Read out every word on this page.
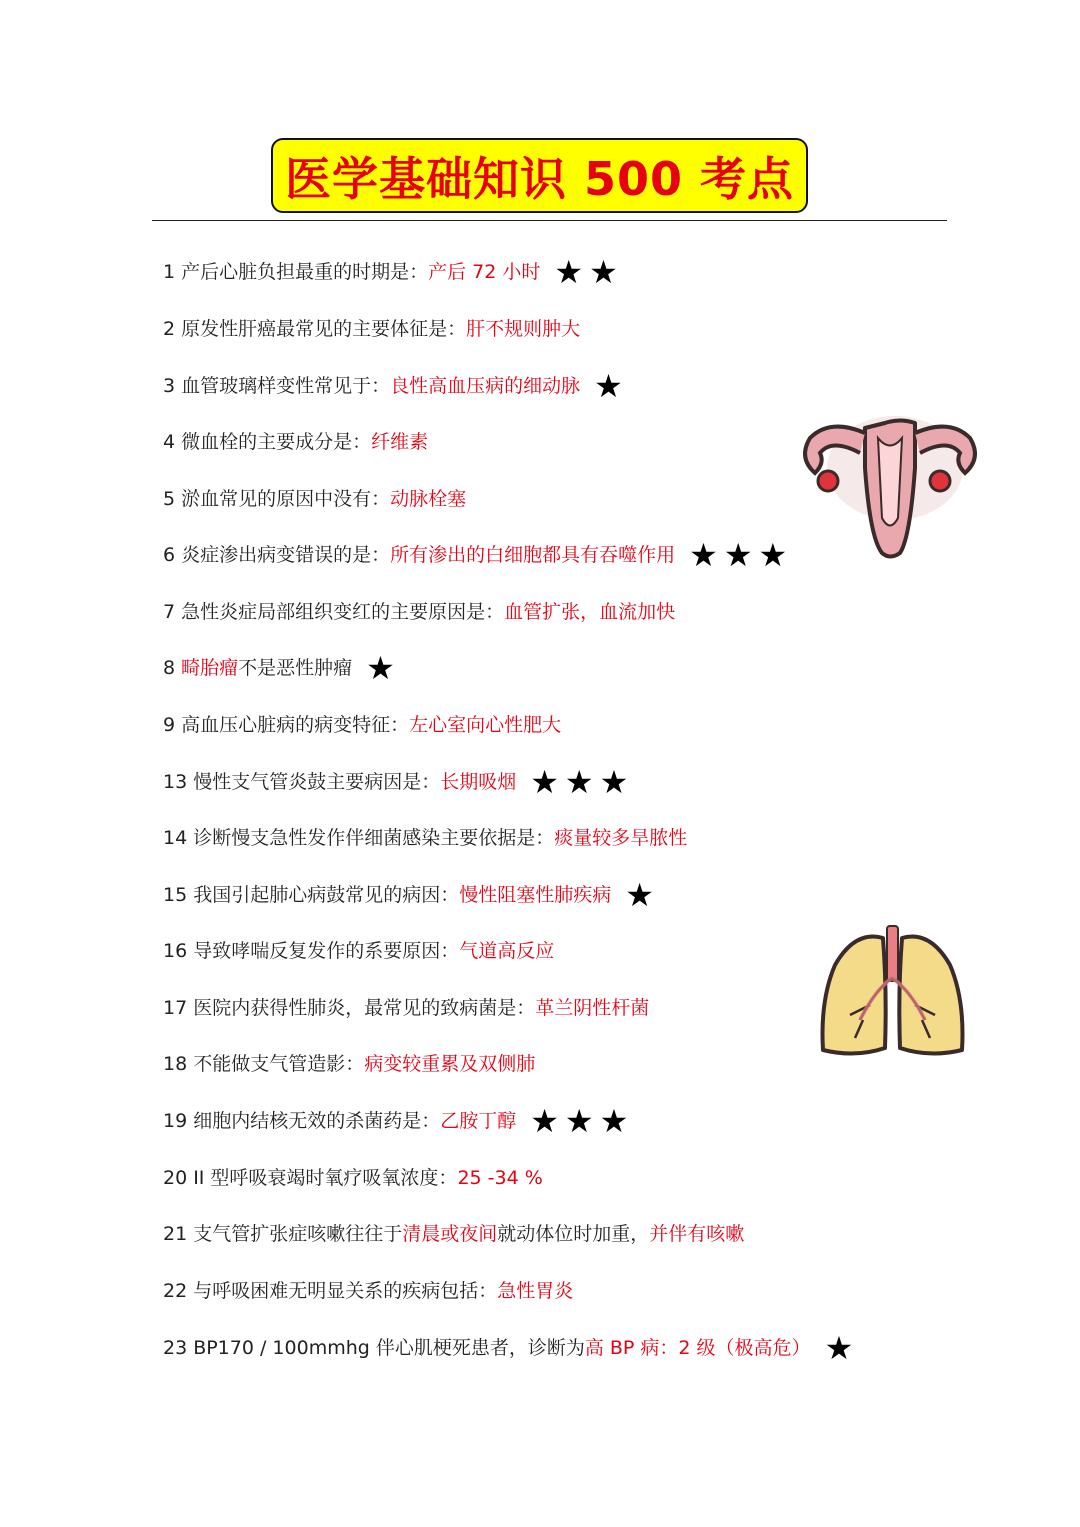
医学基础知识 500 考点
1 产后心脏负担最重的时期是： 产后 72 小时 ★ ★
2 原发性肝癌最常见的主要体征是： 肝不规则肿大
3 血管玻璃样变性常见于： 良性高血压病的细动脉 ★
4 微血栓的主要成分是： 纤维素
5 淤血常见的原因中没有： 动脉栓塞
6 炎症渗出病变错误的是： 所有渗出的白细胞都具有吞噬作用 ★ ★ ★
7 急性炎症局部组织变红的主要原因是： 血管扩张，血流加快
8 畸胎瘤 不是恶性肿瘤 ★
9 高血压心脏病的病变特征： 左心室向心性肥大
13 慢性支气管炎鼓主要病因是： 长期吸烟 ★ ★ ★
14 诊断慢支急性发作伴细菌感染主要依据是： 痰量较多旱脓性
15 我国引起肺心病鼓常见的病因： 慢性阻塞性肺疾病 ★
16 导致哮喘反复发作的系要原因： 气道高反应
17 医院内获得性肺炎，最常见的致病菌是： 革兰阴性杆菌
18 不能做支气管造影： 病变较重累及双侧肺
19 细胞内结核无效的杀菌药是： 乙胺丁醇 ★ ★ ★
20 II 型呼吸衰竭时氧疗吸氧浓度： 25 -34 %
21 支气管扩张症咳嗽往往于 清晨或夜间 就动体位时加重， 并伴有咳嗽
22 与呼吸困难无明显关系的疾病包括： 急性胃炎
23 BP170 / 100mmhg 伴心肌梗死患者，诊断为 高 BP 病：2 级（极高危） ★
